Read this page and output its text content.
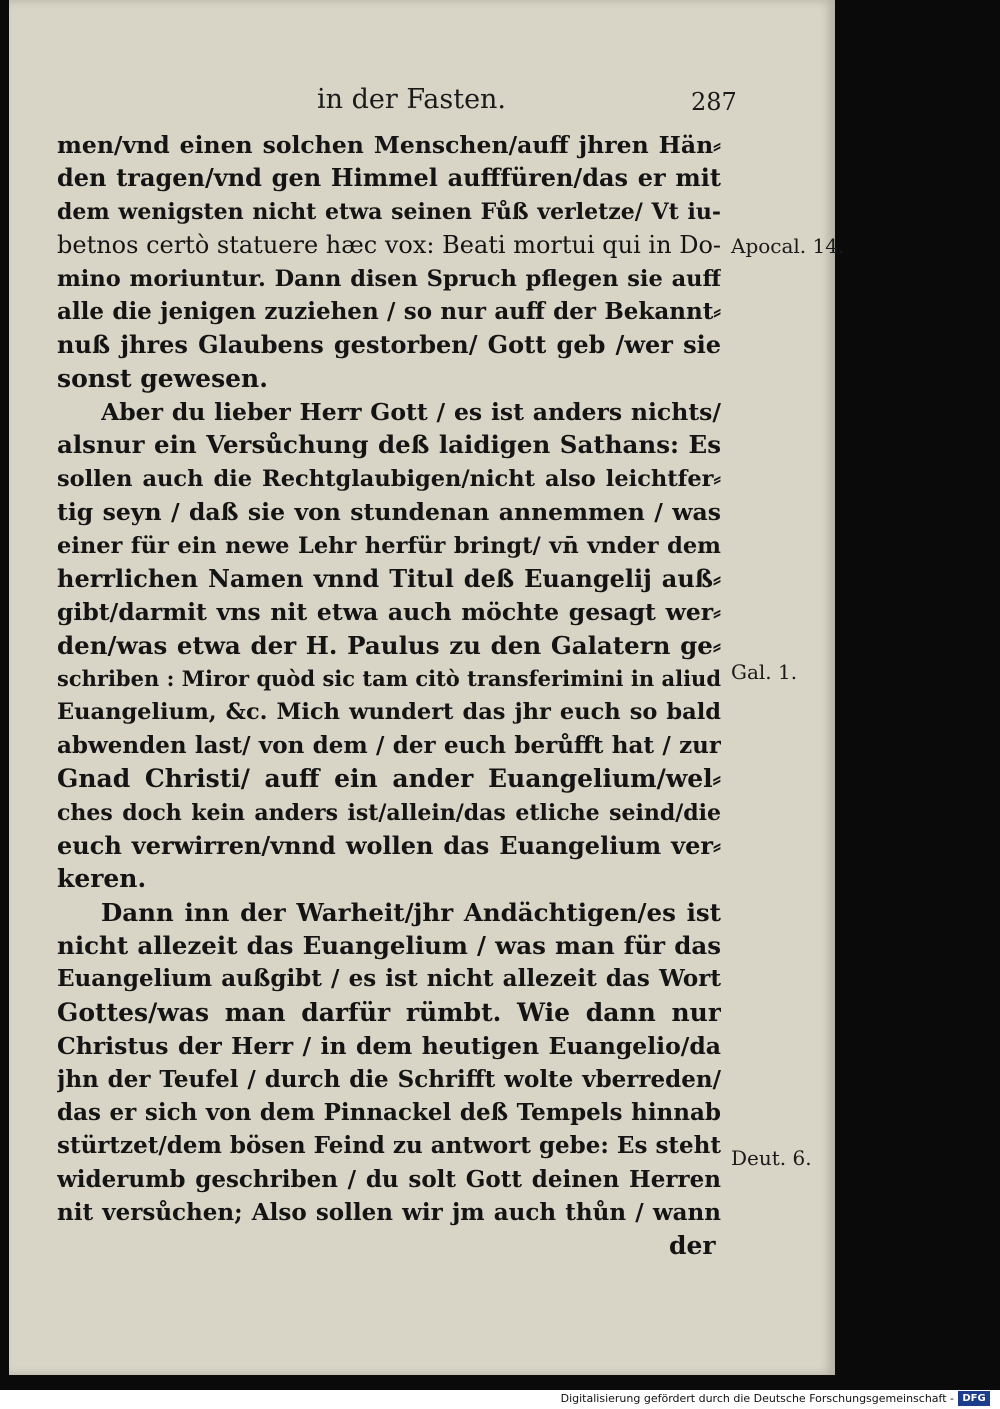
in der Fasten.	287
men/vnd einen solchen Menschen/auff jhren Hän⸗
den tragen/vnd gen Himmel aufffüren/das er mit
dem wenigsten nicht etwa seinen Fůß verletze/ Vt iu-
betnos certò statuere hæc vox: Beati mortui qui in Do-
mino moriuntur. Dann disen Spruch pflegen sie auff
alle die jenigen zuziehen / so nur auff der Bekannt⸗
nuß jhres Glaubens gestorben/ Gott geb /wer sie
sonst gewesen.
Aber du lieber Herr Gott / es ist anders nichts/
alsnur ein Versůchung deß laidigen Sathans: Es
sollen auch die Rechtglaubigen/nicht also leichtfer⸗
tig seyn / daß sie von stundenan annemmen / was
einer für ein newe Lehr herfür bringt/ vn̄ vnder dem
herrlichen Namen vnnd Titul deß Euangelij auß⸗
gibt/darmit vns nit etwa auch möchte gesagt wer⸗
den/was etwa der H. Paulus zu den Galatern ge⸗
schriben : Miror quòd sic tam citò transferimini in aliud
Euangelium, &c. Mich wundert das jhr euch so bald
abwenden last/ von dem / der euch berůfft hat / zur
Gnad Christi/ auff ein ander Euangelium/wel⸗
ches doch kein anders ist/allein/das etliche seind/die
euch verwirren/vnnd wollen das Euangelium ver⸗
keren.
Dann inn der Warheit/jhr Andächtigen/es ist
nicht allezeit das Euangelium / was man für das
Euangelium außgibt / es ist nicht allezeit das Wort
Gottes/was man darfür rümbt. Wie dann nur
Christus der Herr / in dem heutigen Euangelio/da
jhn der Teufel / durch die Schrifft wolte vberreden/
das er sich von dem Pinnackel deß Tempels hinnab
stürtzet/dem bösen Feind zu antwort gebe: Es steht
widerumb geschriben / du solt Gott deinen Herren
nit versůchen; Also sollen wir jm auch thůn / wann
der
Apocal. 14.
Gal. 1.
Deut. 6.
Digitalisierung gefördert durch die Deutsche Forschungsgemeinschaft - DFG
